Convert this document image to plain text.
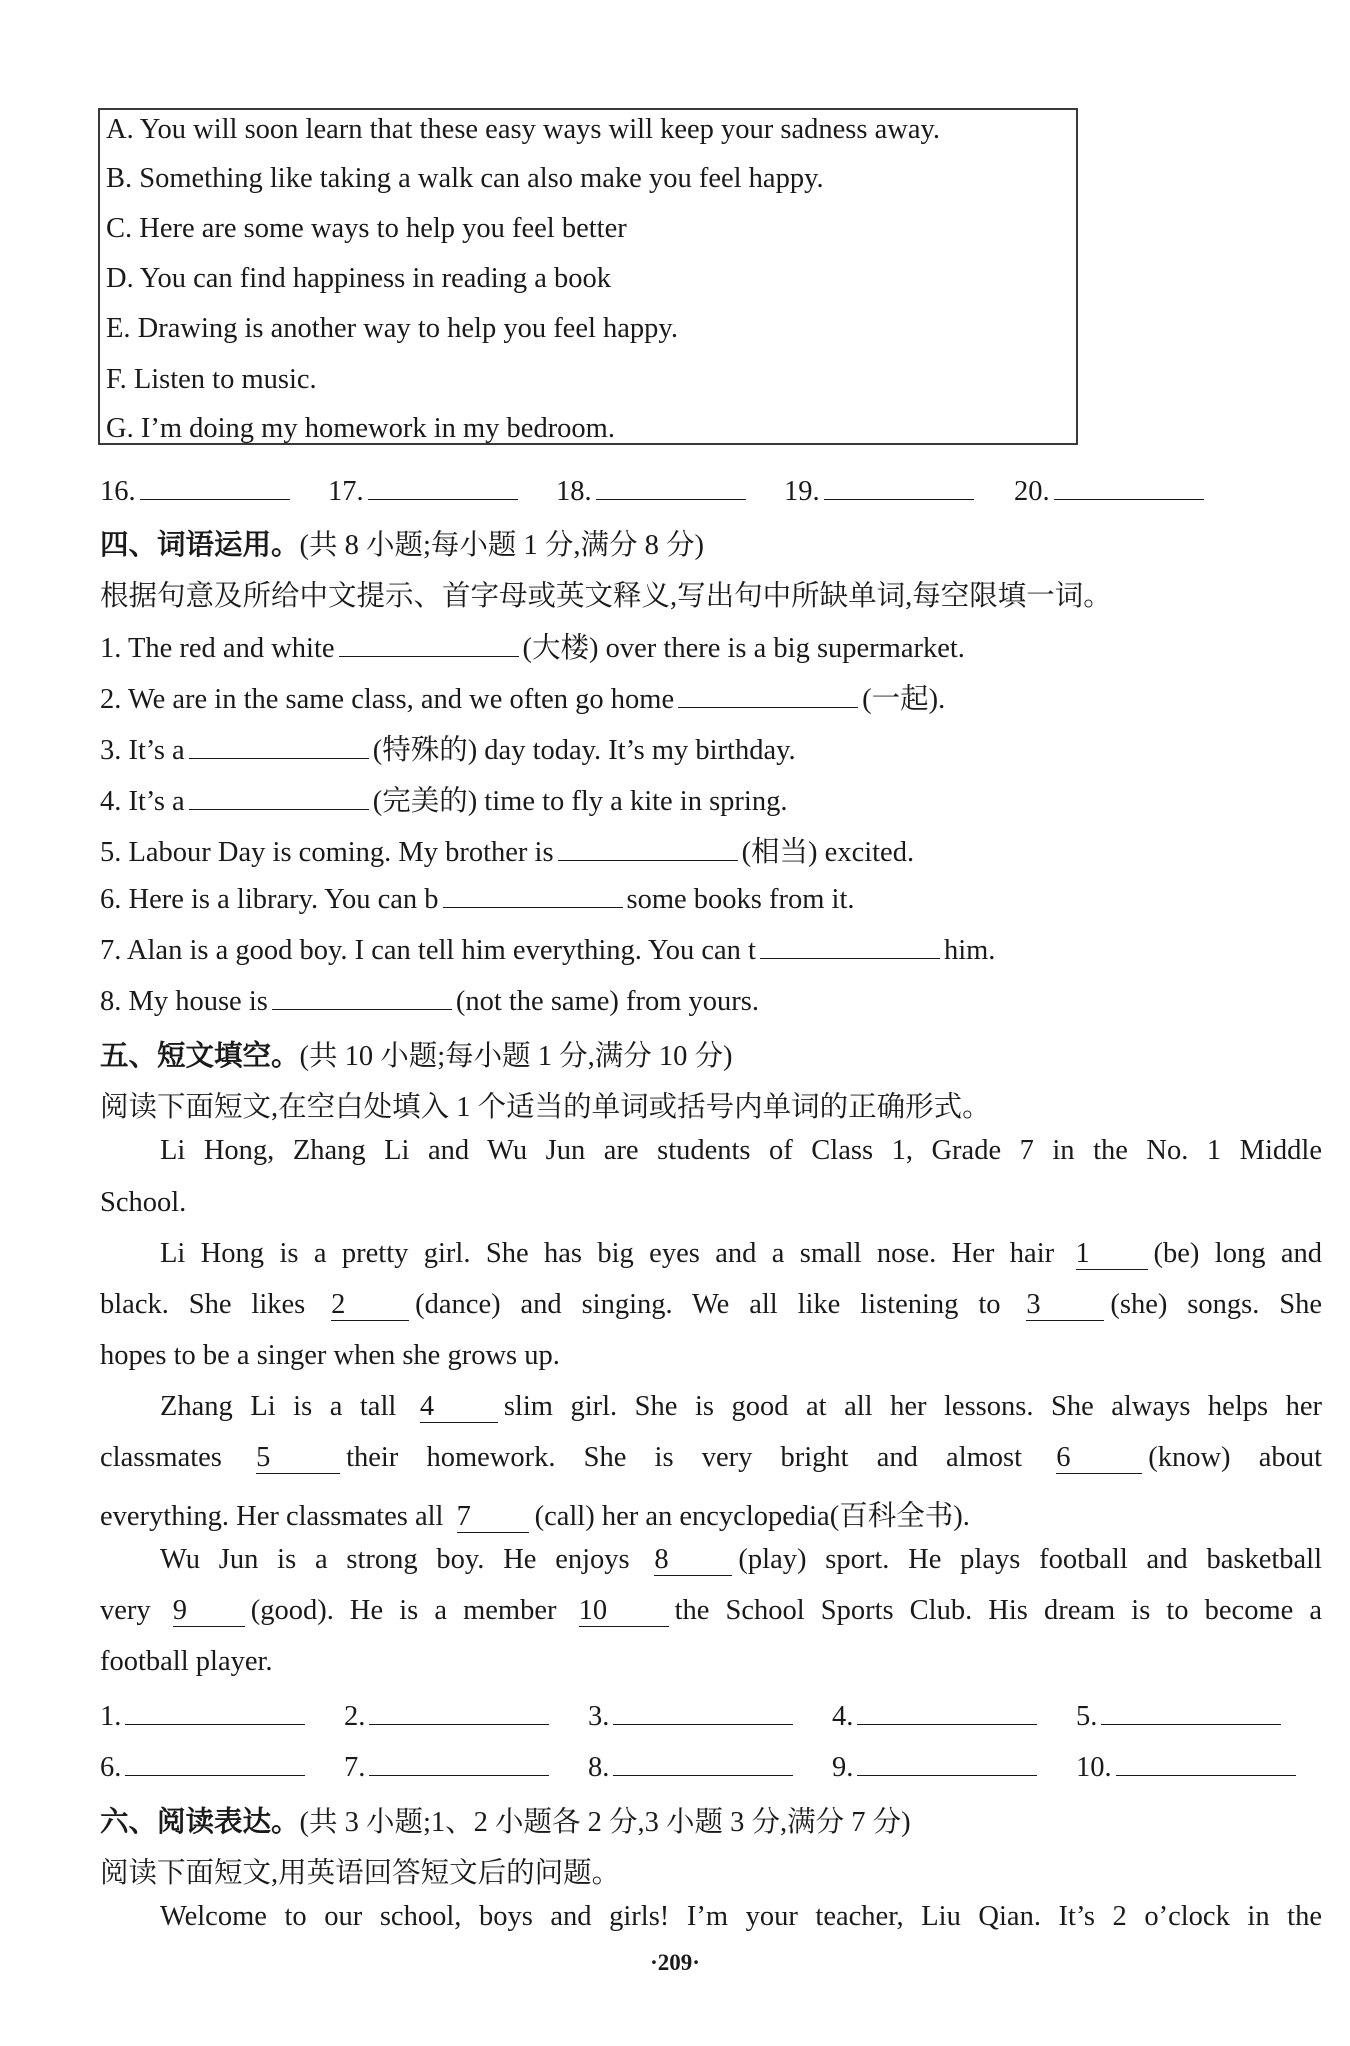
A. You will soon learn that these easy ways will keep your sadness away.
B. Something like taking a walk can also make you feel happy.
C. Here are some ways to help you feel better
D. You can find happiness in reading a book
E. Drawing is another way to help you feel happy.
F. Listen to music.
G. I’m doing my homework in my bedroom.
16.	17.	18.	19.	20.
四、词语运用。(共 8 小题;每小题 1 分,满分 8 分)
根据句意及所给中文提示、首字母或英文释义,写出句中所缺单词,每空限填一词。
1. The red and white	(大楼) over there is a big supermarket.
2. We are in the same class, and we often go home	(一起).
3. It’s a	(特殊的) day today. It’s my birthday.
4. It’s a	(完美的) time to fly a kite in spring.
5. Labour Day is coming. My brother is	(相当) excited.
6. Here is a library. You can b	some books from it.
7. Alan is a good boy. I can tell him everything. You can t	him.
8. My house is	(not the same) from yours.
五、短文填空。(共 10 小题;每小题 1 分,满分 10 分)
阅读下面短文,在空白处填入 1 个适当的单词或括号内单词的正确形式。
Li Hong, Zhang Li and Wu Jun are students of Class 1, Grade 7 in the No. 1 Middle
School.
Li Hong is a pretty girl. She has big eyes and a small nose. Her hair 1 (be) long and
black. She likes 2 (dance) and singing. We all like listening to 3 (she) songs. She
hopes to be a singer when she grows up.
Zhang Li is a tall 4 slim girl. She is good at all her lessons. She always helps her
classmates 5	their homework. She is very bright and almost 6	(know) about
everything. Her classmates all 7 (call) her an encyclopedia(百科全书).
Wu Jun is a strong boy. He enjoys 8 (play) sport. He plays football and basketball
very 9 (good). He is a member 10 the School Sports Club. His dream is to become a
football player.
1.	2.	3.	4.	5.
6.	7.	8.	9.	10.
六、阅读表达。(共 3 小题;1、2 小题各 2 分,3 小题 3 分,满分 7 分)
阅读下面短文,用英语回答短文后的问题。
Welcome to our school, boys and girls! I’m your teacher, Liu Qian. It’s 2 o’clock in the
·209·
